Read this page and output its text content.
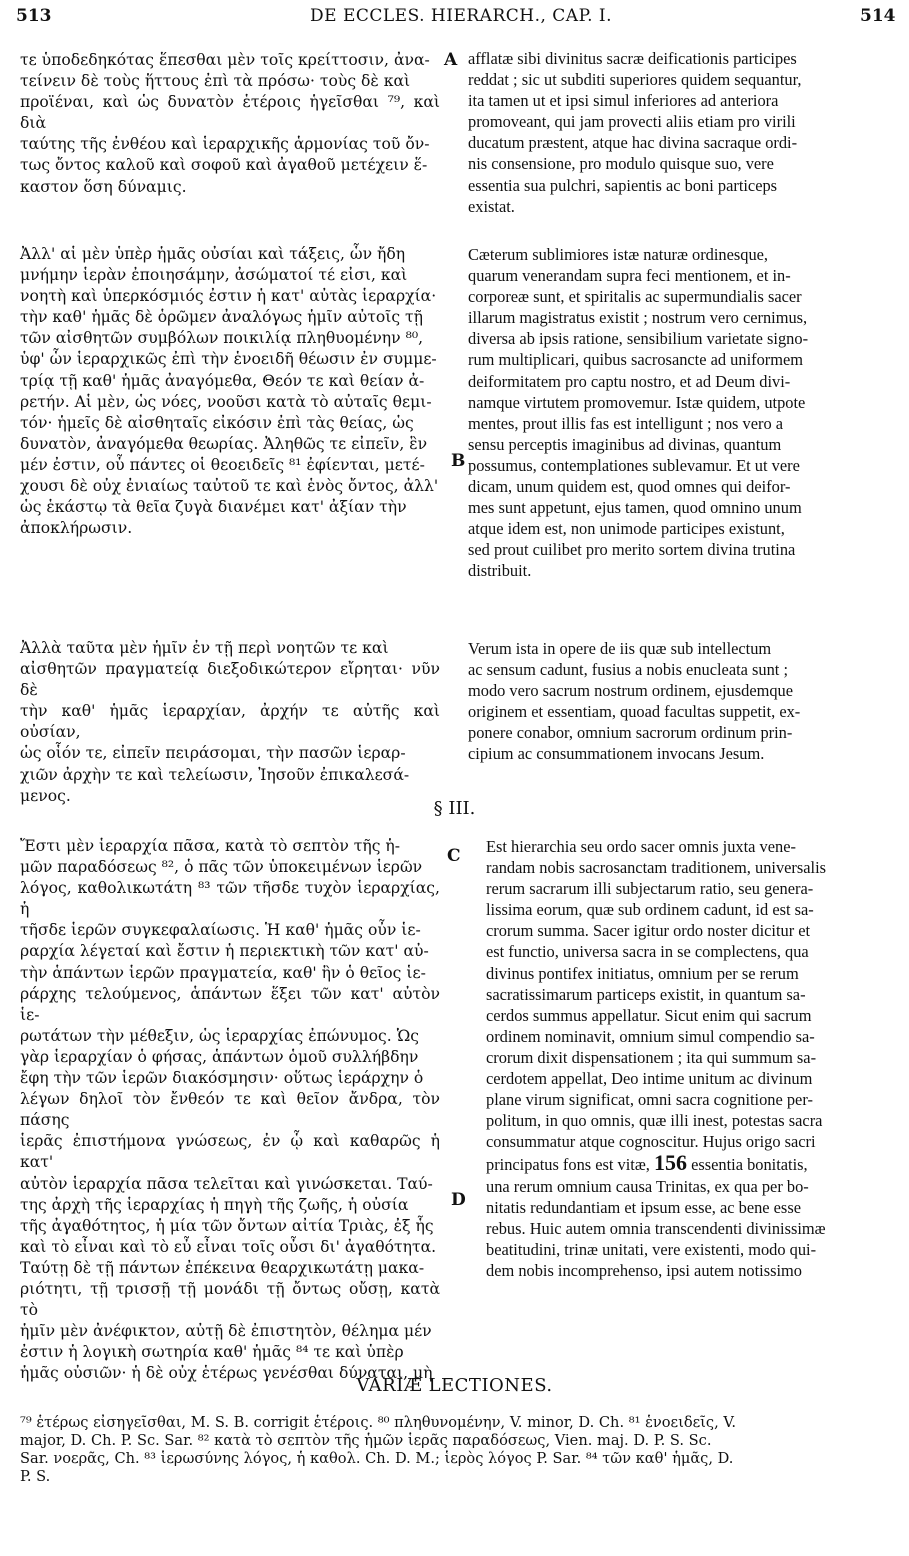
513	DE ECCLES. HIERARCH., CAP. I.	514

τε ὑποδεδηκότας ἕπεσθαι μὲν τοῖς κρείττοσιν, ἀνα-

τείνειν δὲ τοὺς ἥττους ἐπὶ τὰ πρόσω· τοὺς δὲ καὶ

προϊέναι, καὶ ὡς δυνατὸν ἑτέροις ἡγεῖσθαι ⁷⁹, καὶ διὰ

ταύτης τῆς ἐνθέου καὶ ἱεραρχικῆς ἁρμονίας τοῦ ὄν-

τως ὄντος καλοῦ καὶ σοφοῦ καὶ ἀγαθοῦ μετέχειν ἕ-

καστον ὅση δύναμις.

A afflatæ sibi divinitus sacræ deificationis participes

reddat ; sic ut subditi superiores quidem sequantur,

ita tamen ut et ipsi simul inferiores ad anteriora

promoveant, qui jam provecti aliis etiam pro virili

ducatum præstent, atque hac divina sacraque ordi-

nis consensione, pro modulo quisque suo, vere

essentia sua pulchri, sapientis ac boni particeps

existat.

Ἀλλ' αἱ μὲν ὑπὲρ ἡμᾶς οὐσίαι καὶ τάξεις, ὧν ἤδη

μνήμην ἱερὰν ἐποιησάμην, ἀσώματοί τέ εἰσι, καὶ

νοητὴ καὶ ὑπερκόσμιός ἐστιν ἡ κατ' αὐτὰς ἱεραρχία·

τὴν καθ' ἡμᾶς δὲ ὁρῶμεν ἀναλόγως ἡμῖν αὐτοῖς τῇ

τῶν αἰσθητῶν συμβόλων ποικιλίᾳ πληθυομένην ⁸⁰,

ὑφ' ὧν ἱεραρχικῶς ἐπὶ τὴν ἑνοειδῆ θέωσιν ἐν συμμε-

τρίᾳ τῇ καθ' ἡμᾶς ἀναγόμεθα, Θεόν τε καὶ θείαν ἀ-

ρετήν. Αἱ μὲν, ὡς νόες, νοοῦσι κατὰ τὸ αὐταῖς θεμι-

τόν· ἡμεῖς δὲ αἰσθηταῖς εἰκόσιν ἐπὶ τὰς θείας, ὡς

δυνατὸν, ἀναγόμεθα θεωρίας. Ἀληθῶς τε εἰπεῖν, ἓν

μέν ἐστιν, οὗ πάντες οἱ θεοειδεῖς ⁸¹ ἐφίενται, μετέ-

χουσι δὲ οὐχ ἐνιαίως ταὐτοῦ τε καὶ ἑνὸς ὄντος, ἀλλ'

ὡς ἑκάστῳ τὰ θεῖα ζυγὰ διανέμει κατ' ἀξίαν τὴν

ἀποκλήρωσιν.

B

Cæterum sublimiores istæ naturæ ordinesque,

quarum venerandam supra feci mentionem, et in-

corporeæ sunt, et spiritalis ac supermundialis sacer

illarum magistratus existit ; nostrum vero cernimus,

diversa ab ipsis ratione, sensibilium varietate signo-

rum multiplicari, quibus sacrosancte ad uniformem

deiformitatem pro captu nostro, et ad Deum divi-

namque virtutem promovemur. Istæ quidem, utpote

mentes, prout illis fas est intelligunt ; nos vero a

sensu perceptis imaginibus ad divinas, quantum

possumus, contemplationes sublevamur. Et ut vere

dicam, unum quidem est, quod omnes qui deifor-

mes sunt appetunt, ejus tamen, quod omnino unum

atque idem est, non unimode participes existunt,

sed prout cuilibet pro merito sortem divina trutina

distribuit.

Ἀλλὰ ταῦτα μὲν ἡμῖν ἐν τῇ περὶ νοητῶν τε καὶ

αἰσθητῶν πραγματείᾳ διεξοδικώτερον εἴρηται· νῦν δὲ

τὴν καθ' ἡμᾶς ἱεραρχίαν, ἀρχήν τε αὐτῆς καὶ οὐσίαν,

ὡς οἷόν τε, εἰπεῖν πειράσομαι, τὴν πασῶν ἱεραρ-

χιῶν ἀρχὴν τε καὶ τελείωσιν, Ἰησοῦν ἐπικαλεσά-

μενος.

Verum ista in opere de iis quæ sub intellectum

ac sensum cadunt, fusius a nobis enucleata sunt ;

modo vero sacrum nostrum ordinem, ejusdemque

originem et essentiam, quoad facultas suppetit, ex-

ponere conabor, omnium sacrorum ordinum prin-

cipium ac consummationem invocans Jesum.

§ III.

Ἔστι μὲν ἱεραρχία πᾶσα, κατὰ τὸ σεπτὸν τῆς ἡ-

μῶν παραδόσεως ⁸², ὁ πᾶς τῶν ὑποκειμένων ἱερῶν

λόγος, καθολικωτάτη ⁸³ τῶν τῆσδε τυχὸν ἱεραρχίας, ἡ

τῆσδε ἱερῶν συγκεφαλαίωσις. Ἡ καθ' ἡμᾶς οὖν ἱε-

ραρχία λέγεταί καὶ ἔστιν ἡ περιεκτικὴ τῶν κατ' αὐ-

τὴν ἁπάντων ἱερῶν πραγματεία, καθ' ἣν ὁ θεῖος ἱε-

ράρχης τελούμενος, ἁπάντων ἕξει τῶν κατ' αὐτὸν ἱε-

ρωτάτων τὴν μέθεξιν, ὡς ἱεραρχίας ἐπώνυμος. Ὡς

γὰρ ἱεραρχίαν ὁ φήσας, ἁπάντων ὁμοῦ συλλήβδην

ἔφη τὴν τῶν ἱερῶν διακόσμησιν· οὕτως ἱεράρχην ὁ

λέγων δηλοῖ τὸν ἔνθεόν τε καὶ θεῖον ἄνδρα, τὸν πάσης

ἱερᾶς ἐπιστήμονα γνώσεως, ἐν ᾧ καὶ καθαρῶς ἡ κατ'

αὐτὸν ἱεραρχία πᾶσα τελεῖται καὶ γινώσκεται. Ταύ-

της ἀρχὴ τῆς ἱεραρχίας ἡ πηγὴ τῆς ζωῆς, ἡ οὐσία

τῆς ἀγαθότητος, ἡ μία τῶν ὄντων αἰτία Τριὰς, ἐξ ἧς

καὶ τὸ εἶναι καὶ τὸ εὖ εἶναι τοῖς οὖσι δι' ἀγαθότητα.

Ταύτῃ δὲ τῇ πάντων ἐπέκεινα θεαρχικωτάτῃ μακα-

ριότητι, τῇ τρισσῇ τῇ μονάδι τῇ ὄντως οὔσῃ, κατὰ τὸ

ἡμῖν μὲν ἀνέφικτον, αὐτῇ δὲ ἐπιστητὸν, θέλημα μέν

ἐστιν ἡ λογικὴ σωτηρία καθ' ἡμᾶς ⁸⁴ τε καὶ ὑπὲρ

ἡμᾶς οὐσιῶν· ἡ δὲ οὐχ ἑτέρως γενέσθαι δύναται, μὴ

C
D

Est hierarchia seu ordo sacer omnis juxta vene-

randam nobis sacrosanctam traditionem, universalis

rerum sacrarum illi subjectarum ratio, seu genera-

lissima eorum, quæ sub ordinem cadunt, id est sa-

crorum summa. Sacer igitur ordo noster dicitur et

est functio, universa sacra in se complectens, qua

divinus pontifex initiatus, omnium per se rerum

sacratissimarum particeps existit, in quantum sa-

cerdos summus appellatur. Sicut enim qui sacrum

ordinem nominavit, omnium simul compendio sa-

crorum dixit dispensationem ; ita qui summum sa-

cerdotem appellat, Deo intime unitum ac divinum

plane virum significat, omni sacra cognitione per-

politum, in quo omnis, quæ illi inest, potestas sacra

consummatur atque cognoscitur. Hujus origo sacri

principatus fons est vitæ, 156 essentia bonitatis,

una rerum omnium causa Trinitas, ex qua per bo-

nitatis redundantiam et ipsum esse, ac bene esse

rebus. Huic autem omnia transcendenti divinissimæ

beatitudini, trinæ unitati, vere existenti, modo qui-

dem nobis incomprehenso, ipsi autem notissimo

VARIÆ LECTIONES.

⁷⁹ ἑτέρως εἰσηγεῖσθαι, M. S. B. corrigit ἑτέροις. ⁸⁰ πληθυνομένην, V. minor, D. Ch. ⁸¹ ἑνοειδεῖς, V.

major, D. Ch. P. Sc. Sar. ⁸² κατὰ τὸ σεπτὸν τῆς ἡμῶν ἱερᾶς παραδόσεως, Vien. maj. D. P. S. Sc.

Sar. νοερᾶς, Ch. ⁸³ ἱερωσύνης λόγος, ἡ καθολ. Ch. D. M.; ἱερὸς λόγος P. Sar. ⁸⁴ τῶν καθ' ἡμᾶς, D.

P. S.
